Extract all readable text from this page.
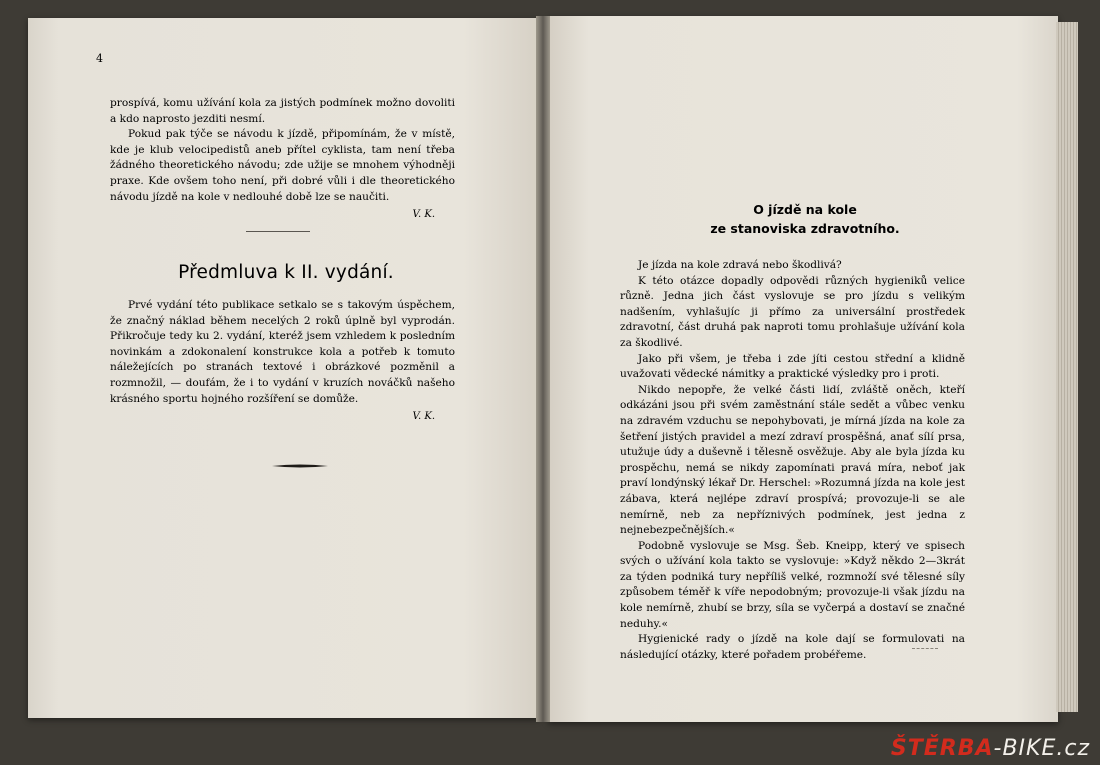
4

prospívá, komu užívání kola za jistých podmínek možno dovoliti a kdo naprosto jezditi nesmí.

Pokud pak týče se návodu k jízdě, připomínám, že v místě, kde je klub velocipedistů aneb přítel cyklista, tam není třeba žádného theoretického návodu; zde užije se mnohem výhodněji praxe. Kde ovšem toho není, při dobré vůli i dle theoretického návodu jízdě na kole v nedlouhé době lze se naučiti.

V. K.
Předmluva k II. vydání.

Prvé vydání této publikace setkalo se s takovým úspěchem, že značný náklad během necelých 2 roků úplně byl vyprodán. Přikročuje tedy ku 2. vydání, kteréž jsem vzhledem k posledním novinkám a zdokonalení konstrukce kola a potřeb k tomuto náležejících po stranách textové i obrázkové pozměnil a rozmnožil, — doufám, že i to vydání v kruzích nováčků našeho krásného sportu hojného rozšíření se domůže.

V. K.
O jízdě na kole
ze stanoviska zdravotního.

Je jízda na kole zdravá nebo škodlivá?

K této otázce dopadly odpovědi různých hygieniků velice různě. Jedna jich část vyslovuje se pro jízdu s velikým nadšením, vyhlašujíc ji přímo za universální prostředek zdravotní, část druhá pak naproti tomu prohlašuje užívání kola za škodlivé.

Jako při všem, je třeba i zde jíti cestou střední a klidně uvažovati vědecké námitky a praktické výsledky pro i proti.

Nikdo nepopře, že velké části lidí, zvláště oněch, kteří odkázáni jsou při svém zaměstnání stále sedět a vůbec venku na zdravém vzduchu se nepohybovati, je mírná jízda na kole za šetření jistých pravidel a mezí zdraví prospěšná, anať sílí prsa, utužuje údy a duševně i tělesně osvěžuje. Aby ale byla jízda ku prospěchu, nemá se nikdy zapomínati pravá míra, neboť jak praví londýnský lékař Dr. Herschel: »Rozumná jízda na kole jest zábava, která nejlépe zdraví prospívá; provozuje-li se ale nemírně, neb za nepříznivých podmínek, jest jedna z nejnebezpečnějších.«

Podobně vyslovuje se Msg. Šeb. Kneipp, který ve spisech svých o užívání kola takto se vyslovuje: »Když někdo 2—3krát za týden podniká tury nepříliš velké, rozmnoží své tělesné síly způsobem téměř k víře nepodobným; provozuje-li však jízdu na kole nemírně, zhubí se brzy, síla se vyčerpá a dostaví se značné neduhy.«

Hygienické rady o jízdě na kole dají se formulovati na následující otázky, které pořadem probéřeme.

ŠTĚRBA-BIKE.cz
